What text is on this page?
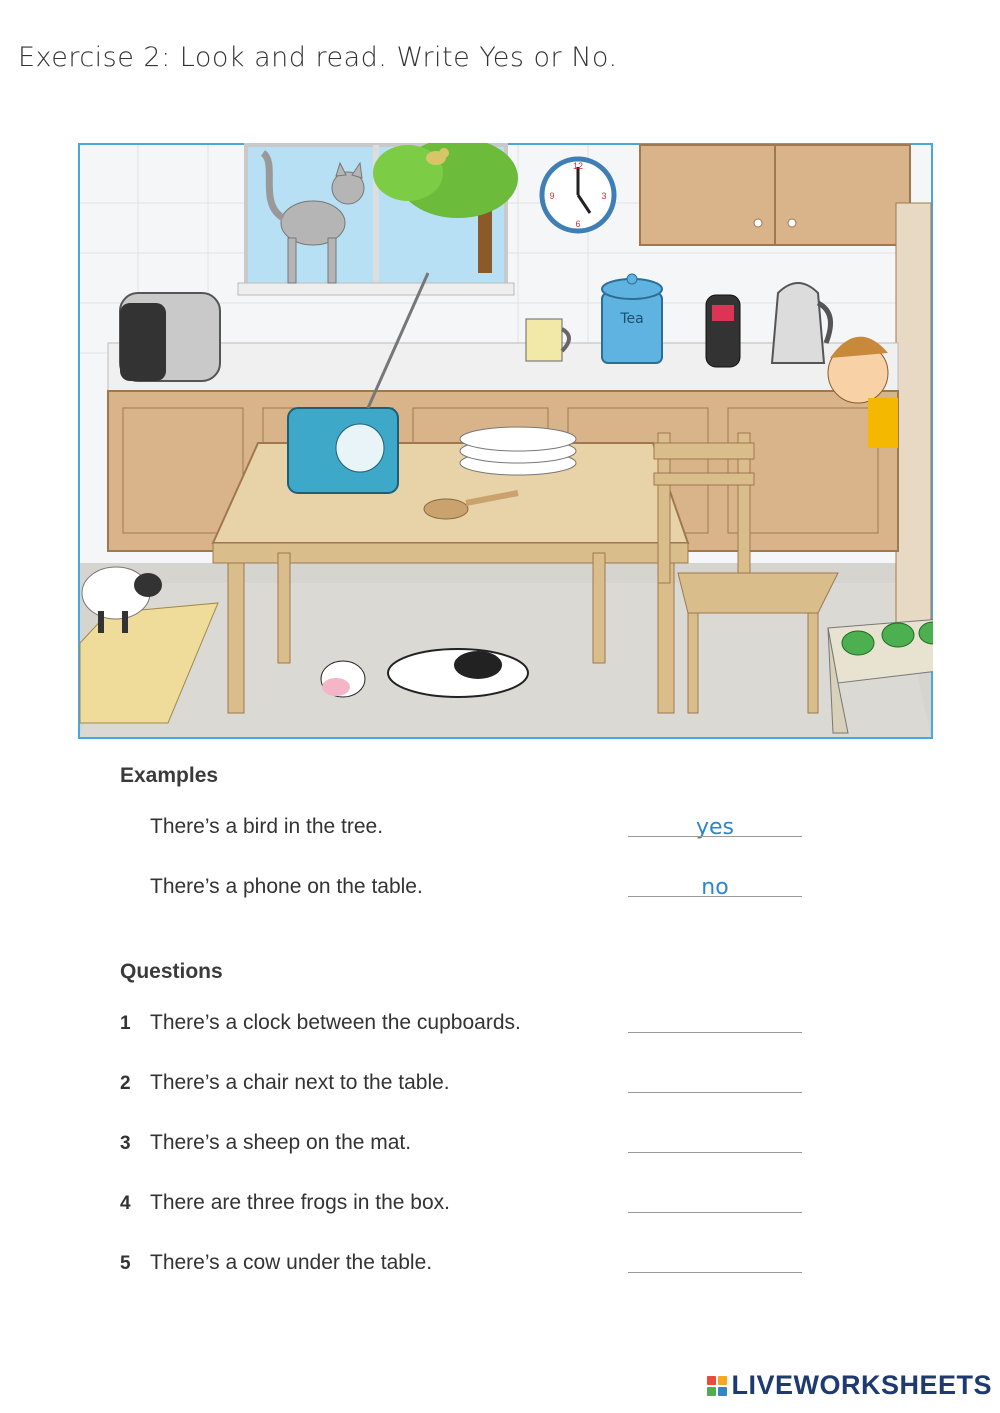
Exercise 2: Look and read. Write Yes or No.
12
3
6
9
Tea
Examples
There’s a bird in the tree.	yes
There’s a phone on the table.	no
Questions
1 There’s a clock between the cupboards.
2 There’s a chair next to the table.
3 There’s a sheep on the mat.
4 There are three frogs in the box.
5 There’s a cow under the table.
LIVEWORKSHEETS
